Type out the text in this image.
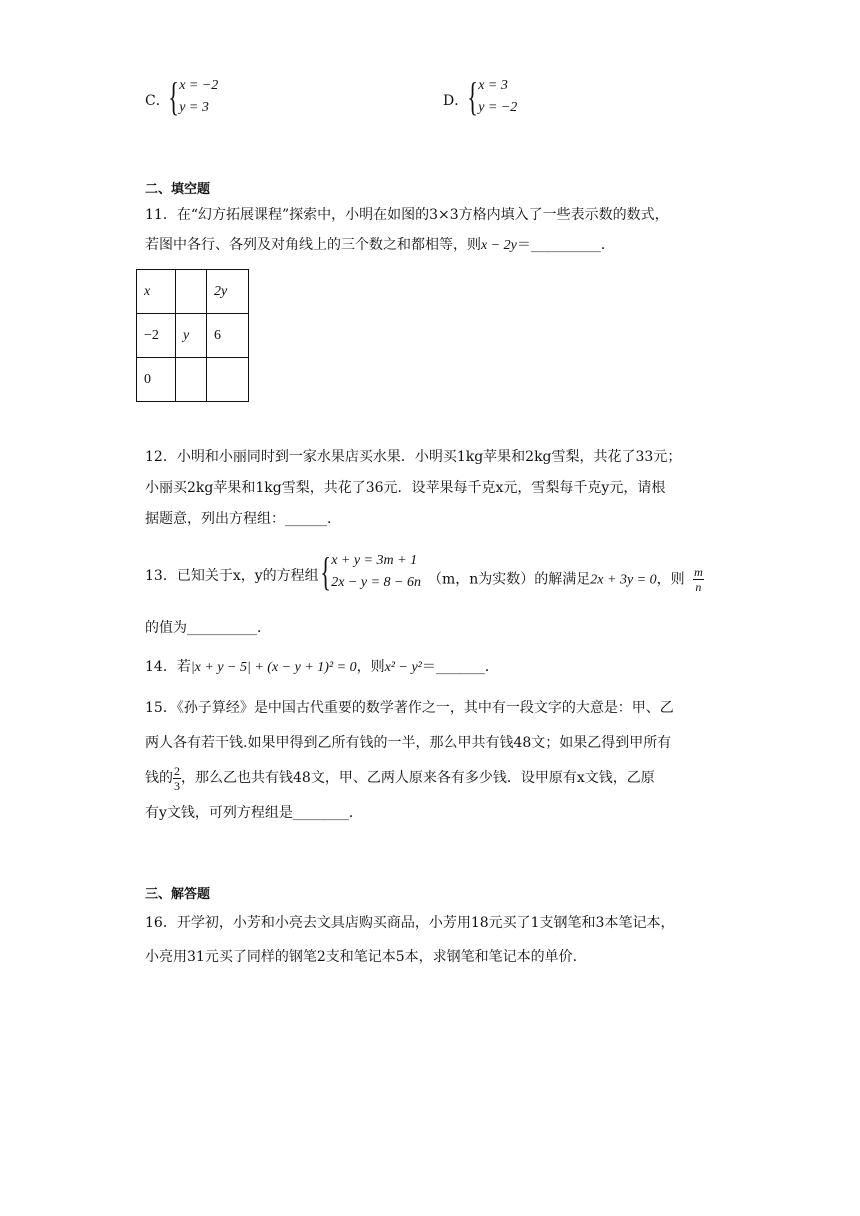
C．
{ x = −2
y = 3	D． { x = 3
y = −2
二、填空题
11．在“幻方拓展课程”探索中，小明在如图的3×3方格内填入了一些表示数的数式，
若图中各行、各列及对角线上的三个数之和都相等，则x − 2y＝__________．
x		2y
−2	y	6
0		
12．小明和小丽同时到一家水果店买水果．小明买1kg苹果和2kg雪梨，共花了33元；
小丽买2kg苹果和1kg雪梨，共花了36元．设苹果每千克x元，雪梨每千克y元，请根
据题意，列出方程组：______．
13．已知关于x，y的方程组 { x + y = 3m + 1
2x − y = 8 − 6n （m，n为实数）的解满足2x + 3y = 0，则 $\frac{m}{n}$
的值为__________．
14．若|x + y − 5| + (x − y + 1)² = 0，则x² − y²＝_______．
15．《孙子算经》是中国古代重要的数学著作之一，其中有一段文字的大意是：甲、乙
两人各有若干钱.如果甲得到乙所有钱的一半，那么甲共有钱48文；如果乙得到甲所有
钱的 $\frac{2}{3}$ ，那么乙也共有钱48文，甲、乙两人原来各有多少钱．设甲原有x文钱，乙原
有y文钱，可列方程组是________．
三、解答题
16．开学初，小芳和小亮去文具店购买商品，小芳用18元买了1支钢笔和3本笔记本，
小亮用31元买了同样的钢笔2支和笔记本5本，求钢笔和笔记本的单价.
